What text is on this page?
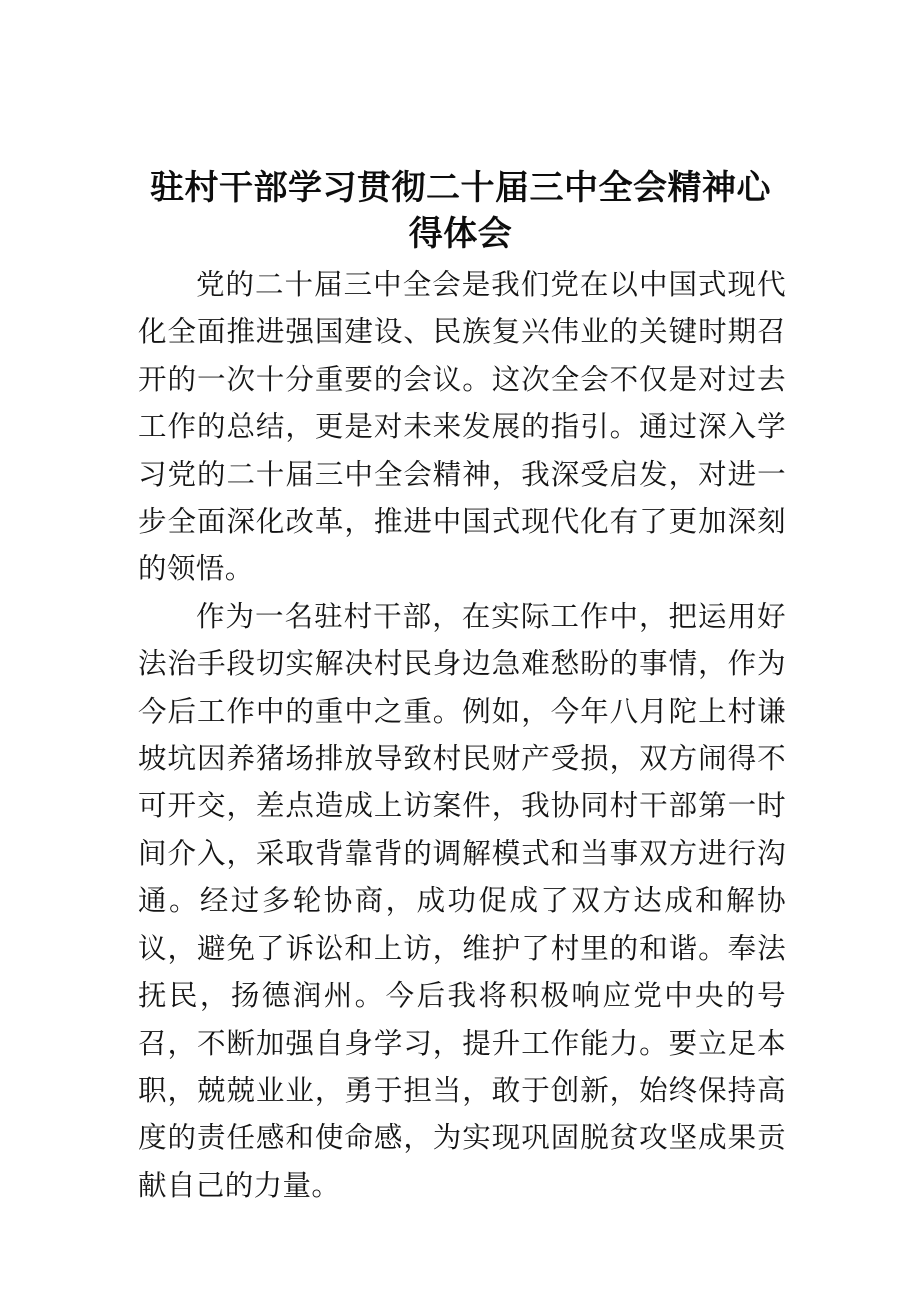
驻村干部学习贯彻二十届三中全会精神心得体会

党的二十届三中全会是我们党在以中国式现代化全面推进强国建设、民族复兴伟业的关键时期召开的一次十分重要的会议。这次全会不仅是对过去工作的总结，更是对未来发展的指引。通过深入学习党的二十届三中全会精神，我深受启发，对进一步全面深化改革，推进中国式现代化有了更加深刻的领悟。

作为一名驻村干部，在实际工作中，把运用好法治手段切实解决村民身边急难愁盼的事情，作为今后工作中的重中之重。例如，今年八月陀上村谦坡坑因养猪场排放导致村民财产受损，双方闹得不可开交，差点造成上访案件，我协同村干部第一时间介入，采取背靠背的调解模式和当事双方进行沟通。经过多轮协商，成功促成了双方达成和解协议，避免了诉讼和上访，维护了村里的和谐。奉法抚民，扬德润州。今后我将积极响应党中央的号召，不断加强自身学习，提升工作能力。要立足本职，兢兢业业，勇于担当，敢于创新，始终保持高度的责任感和使命感，为实现巩固脱贫攻坚成果贡献自己的力量。
